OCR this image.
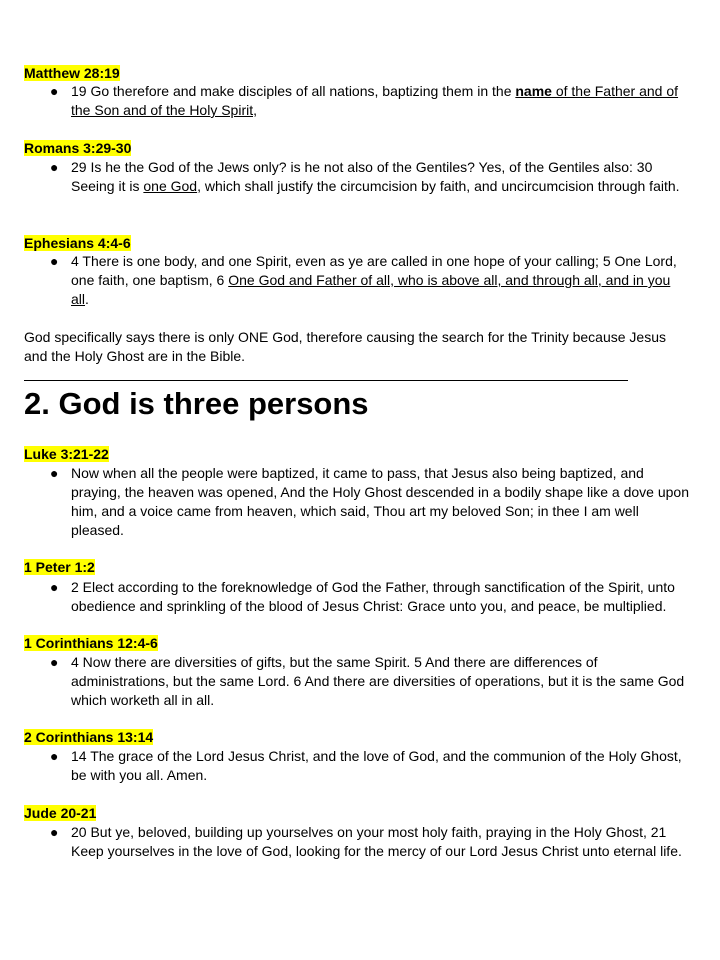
Matthew 28:19
● 19 Go therefore and make disciples of all nations, baptizing them in the name of the Father and of the Son and of the Holy Spirit,
Romans 3:29-30
● 29 Is he the God of the Jews only? is he not also of the Gentiles? Yes, of the Gentiles also: 30 Seeing it is one God, which shall justify the circumcision by faith, and uncircumcision through faith.
Ephesians 4:4-6
● 4 There is one body, and one Spirit, even as ye are called in one hope of your calling; 5 One Lord, one faith, one baptism, 6 One God and Father of all, who is above all, and through all, and in you all.
God specifically says there is only ONE God, therefore causing the search for the Trinity because Jesus and the Holy Ghost are in the Bible.
2. God is three persons
Luke 3:21-22
● Now when all the people were baptized, it came to pass, that Jesus also being baptized, and praying, the heaven was opened, And the Holy Ghost descended in a bodily shape like a dove upon him, and a voice came from heaven, which said, Thou art my beloved Son; in thee I am well pleased.
1 Peter 1:2
● 2 Elect according to the foreknowledge of God the Father, through sanctification of the Spirit, unto obedience and sprinkling of the blood of Jesus Christ: Grace unto you, and peace, be multiplied.
1 Corinthians 12:4-6
● 4 Now there are diversities of gifts, but the same Spirit. 5 And there are differences of administrations, but the same Lord. 6 And there are diversities of operations, but it is the same God which worketh all in all.
2 Corinthians 13:14
● 14 The grace of the Lord Jesus Christ, and the love of God, and the communion of the Holy Ghost, be with you all. Amen.
Jude 20-21
● 20 But ye, beloved, building up yourselves on your most holy faith, praying in the Holy Ghost, 21 Keep yourselves in the love of God, looking for the mercy of our Lord Jesus Christ unto eternal life.
